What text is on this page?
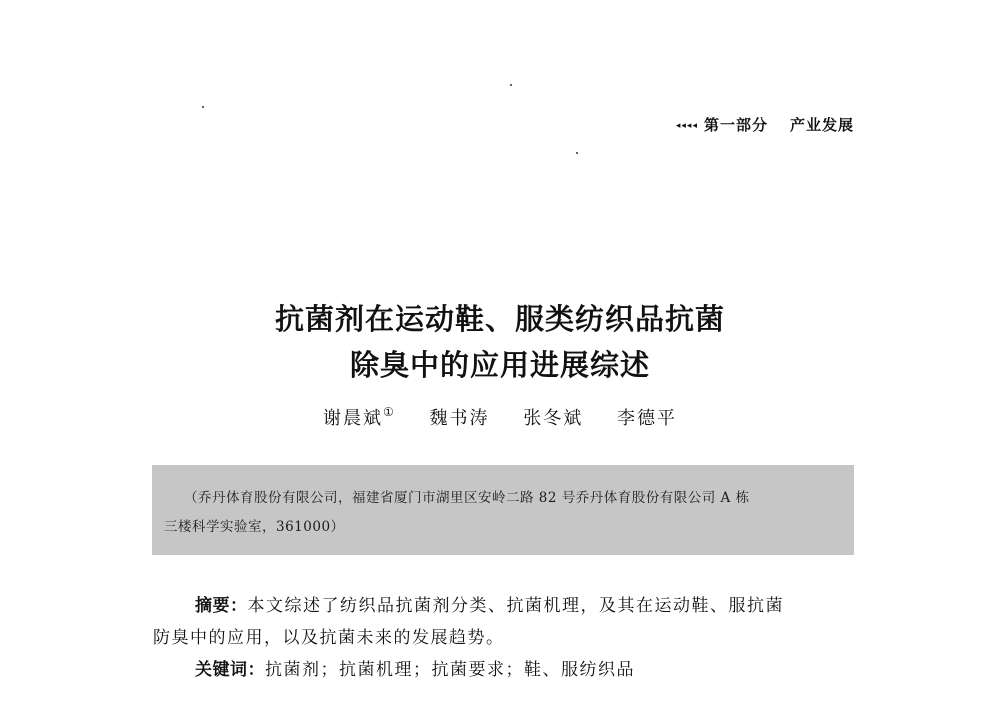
◂◂◂◂ 第一部分 产业发展
抗菌剂在运动鞋、服类纺织品抗菌
除臭中的应用进展综述
谢晨斌① 魏书涛 张冬斌 李德平
（乔丹体育股份有限公司，福建省厦门市湖里区安岭二路 82 号乔丹体育股份有限公司 A 栋
三楼科学实验室，361000）
摘要：本文综述了纺织品抗菌剂分类、抗菌机理，及其在运动鞋、服抗菌
防臭中的应用，以及抗菌未来的发展趋势。
关键词：抗菌剂；抗菌机理；抗菌要求；鞋、服纺织品
